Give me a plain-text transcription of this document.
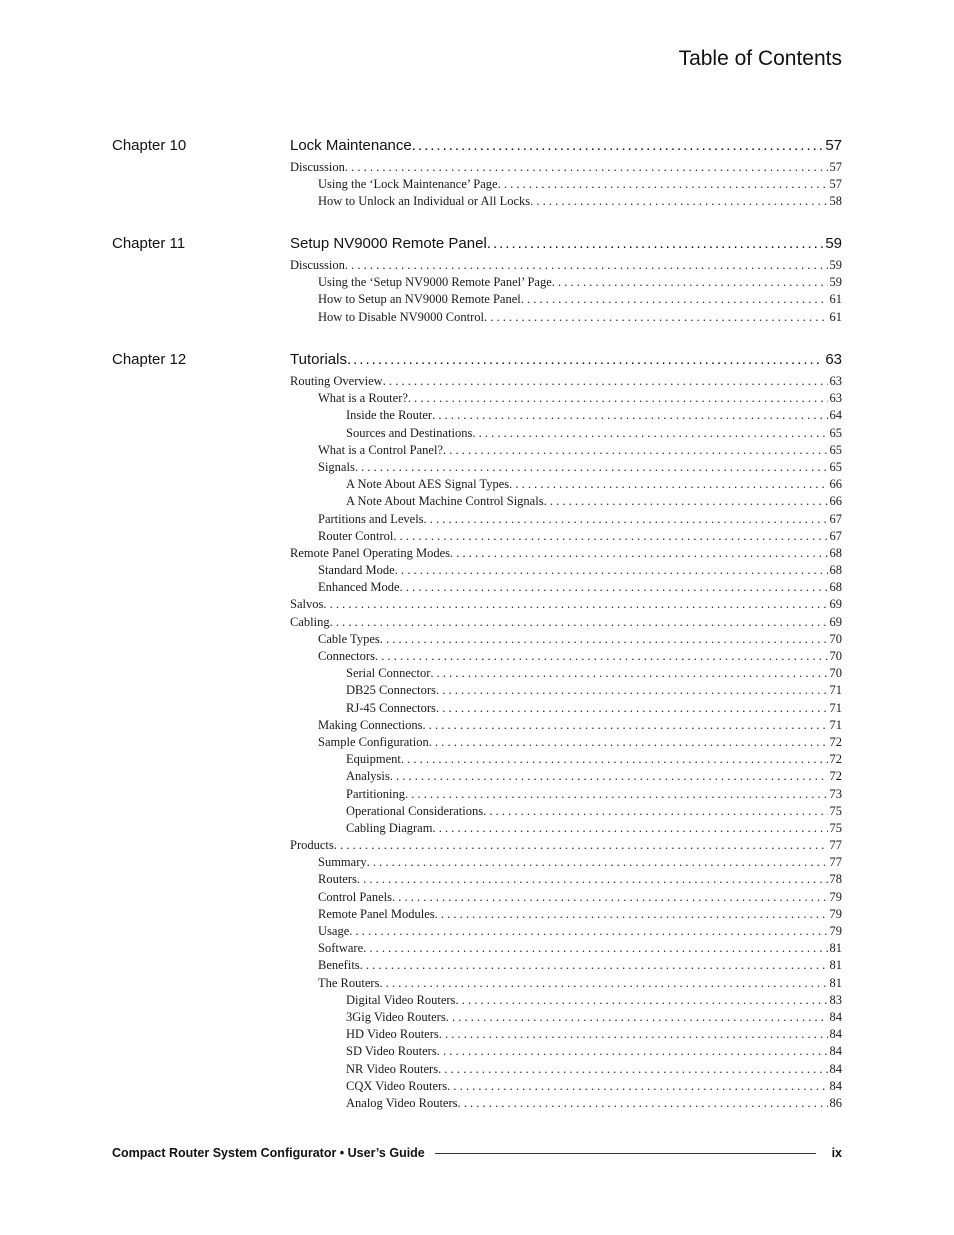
Table of Contents
Chapter 10	Lock Maintenance .....	57
Discussion . . .	57
Using the ‘Lock Maintenance’ Page . . .	57
How to Unlock an Individual or All Locks . . .	58
Chapter 11	Setup NV9000 Remote Panel .....	59
Discussion . . .	59
Using the ‘Setup NV9000 Remote Panel’ Page . . .	59
How to Setup an NV9000 Remote Panel . . .	61
How to Disable NV9000 Control . . .	61
Chapter 12	Tutorials .....	63
Routing Overview . . .	63
What is a Router? . . .	63
Inside the Router . . .	64
Sources and Destinations . . .	65
What is a Control Panel? . . .	65
Signals . . .	65
A Note About AES Signal Types . . .	66
A Note About Machine Control Signals . . .	66
Partitions and Levels . . .	67
Router Control . . .	67
Remote Panel Operating Modes . . .	68
Standard Mode . . .	68
Enhanced Mode . . .	68
Salvos . . .	69
Cabling . . .	69
Cable Types . . .	70
Connectors . . .	70
Serial Connector . . .	70
DB25 Connectors . . .	71
RJ-45 Connectors . . .	71
Making Connections . . .	71
Sample Configuration . . .	72
Equipment . . .	72
Analysis . . .	72
Partitioning . . .	73
Operational Considerations . . .	75
Cabling Diagram . . .	75
Products . . .	77
Summary . . .	77
Routers . . .	78
Control Panels . . .	79
Remote Panel Modules . . .	79
Usage . . .	79
Software . . .	81
Benefits . . .	81
The Routers . . .	81
Digital Video Routers . . .	83
3Gig Video Routers . . .	84
HD Video Routers . . .	84
SD Video Routers . . .	84
NR Video Routers . . .	84
CQX Video Routers . . .	84
Analog Video Routers . . .	86
Compact Router System Configurator • User’s Guide	ix
